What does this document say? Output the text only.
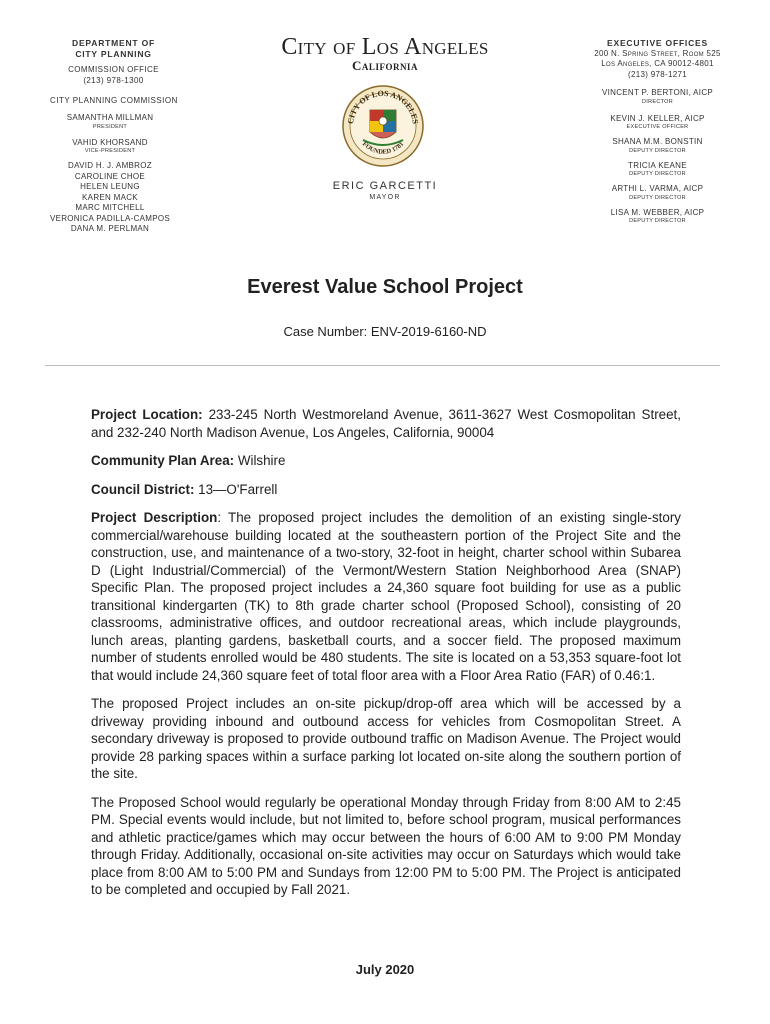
DEPARTMENT OF
CITY PLANNING
COMMISSION OFFICE
(213) 978-1300
CITY PLANNING COMMISSION
SAMANTHA MILLMAN
PRESIDENT
VAHID KHORSAND
VICE-PRESIDENT
DAVID H. J. AMBROZ
CAROLINE CHOE
HELEN LEUNG
KAREN MACK
MARC MITCHELL
VERONICA PADILLA-CAMPOS
DANA M. PERLMAN
City of Los Angeles
California
CITY OF LOS ANGELES
FOUNDED 1781
ERIC GARCETTI
MAYOR
EXECUTIVE OFFICES
200 N. Spring Street, Room 525
Los Angeles, CA 90012-4801
(213) 978-1271
VINCENT P. BERTONI, AICP
DIRECTOR
KEVIN J. KELLER, AICP
EXECUTIVE OFFICER
SHANA M.M. BONSTIN
DEPUTY DIRECTOR
TRICIA KEANE
DEPUTY DIRECTOR
ARTHI L. VARMA, AICP
DEPUTY DIRECTOR
LISA M. WEBBER, AICP
DEPUTY DIRECTOR
Everest Value School Project
Case Number: ENV-2019-6160-ND

Project Location: 233-245 North Westmoreland Avenue, 3611-3627 West Cosmopolitan Street, and 232-240 North Madison Avenue, Los Angeles, California, 90004

Community Plan Area: Wilshire

Council District: 13—O'Farrell

Project Description: The proposed project includes the demolition of an existing single-story commercial/warehouse building located at the southeastern portion of the Project Site and the construction, use, and maintenance of a two-story, 32-foot in height, charter school within Subarea D (Light Industrial/Commercial) of the Vermont/Western Station Neighborhood Area (SNAP) Specific Plan. The proposed project includes a 24,360 square foot building for use as a public transitional kindergarten (TK) to 8th grade charter school (Proposed School), consisting of 20 classrooms, administrative offices, and outdoor recreational areas, which include playgrounds, lunch areas, planting gardens, basketball courts, and a soccer field. The proposed maximum number of students enrolled would be 480 students. The site is located on a 53,353 square-foot lot that would include 24,360 square feet of total floor area with a Floor Area Ratio (FAR) of 0.46:1.

The proposed Project includes an on-site pickup/drop-off area which will be accessed by a driveway providing inbound and outbound access for vehicles from Cosmopolitan Street. A secondary driveway is proposed to provide outbound traffic on Madison Avenue. The Project would provide 28 parking spaces within a surface parking lot located on-site along the southern portion of the site.

The Proposed School would regularly be operational Monday through Friday from 8:00 AM to 2:45 PM. Special events would include, but not limited to, before school program, musical performances and athletic practice/games which may occur between the hours of 6:00 AM to 9:00 PM Monday through Friday. Additionally, occasional on-site activities may occur on Saturdays which would take place from 8:00 AM to 5:00 PM and Sundays from 12:00 PM to 5:00 PM. The Project is anticipated to be completed and occupied by Fall 2021.

July 2020
